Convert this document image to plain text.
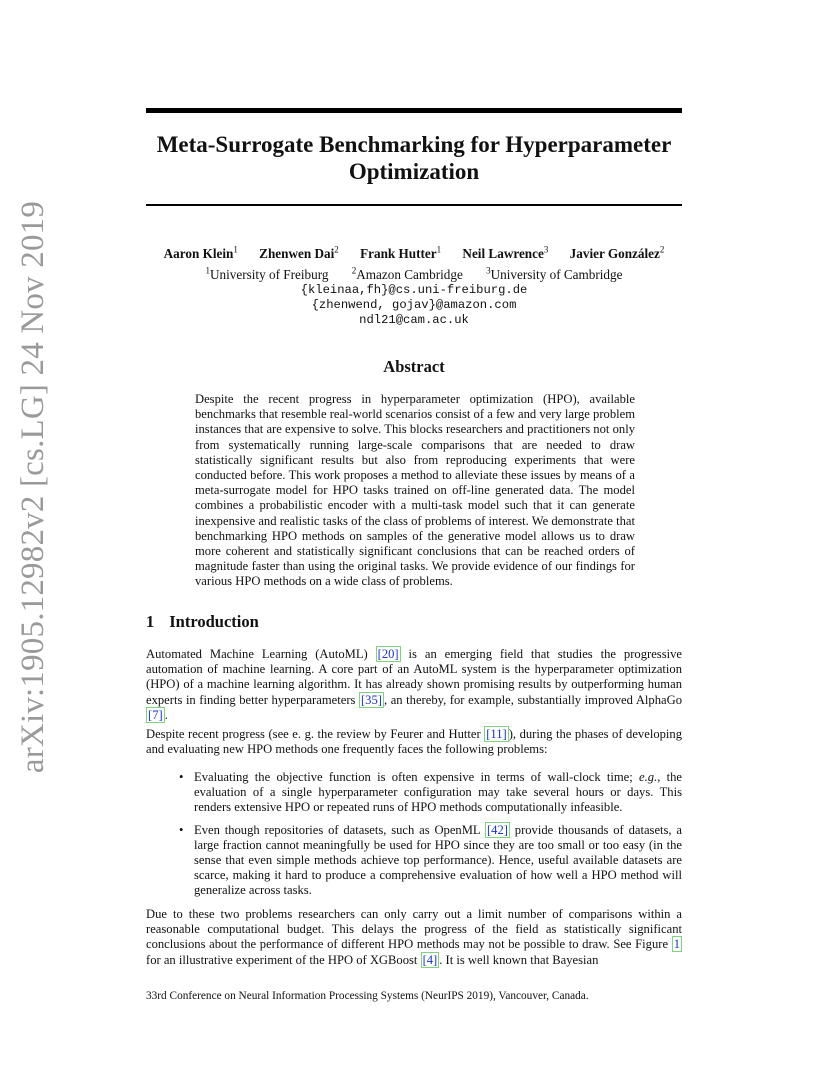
arXiv:1905.12982v2 [cs.LG] 24 Nov 2019
Meta-Surrogate Benchmarking for Hyperparameter
Optimization
Aaron Klein$^1$ Zhenwen Dai$^2$ Frank Hutter$^1$ Neil Lawrence$^3$ Javier González$^2$
$^1$University of Freiburg	$^2$Amazon Cambridge	$^3$University of Cambridge
{kleinaa,fh}@cs.uni-freiburg.de
{zhenwend, gojav}@amazon.com
ndl21@cam.ac.uk
Abstract
Despite the recent progress in hyperparameter optimization (HPO), available benchmarks that resemble real-world scenarios consist of a few and very large problem instances that are expensive to solve. This blocks researchers and practitioners not only from systematically running large-scale comparisons that are needed to draw statistically significant results but also from reproducing experiments that were conducted before. This work proposes a method to alleviate these issues by means of a meta-surrogate model for HPO tasks trained on off-line generated data. The model combines a probabilistic encoder with a multi-task model such that it can generate inexpensive and realistic tasks of the class of problems of interest. We demonstrate that benchmarking HPO methods on samples of the generative model allows us to draw more coherent and statistically significant conclusions that can be reached orders of magnitude faster than using the original tasks. We provide evidence of our findings for various HPO methods on a wide class of problems.
1 Introduction
Automated Machine Learning (AutoML) [20] is an emerging field that studies the progressive automation of machine learning. A core part of an AutoML system is the hyperparameter optimization (HPO) of a machine learning algorithm. It has already shown promising results by outperforming human experts in finding better hyperparameters [35] , an thereby, for example, substantially improved AlphaGo [7] .
Despite recent progress (see e. g. the review by Feurer and Hutter [11] ), during the phases of developing and evaluating new HPO methods one frequently faces the following problems:
• Evaluating the objective function is often expensive in terms of wall-clock time; e.g., the evaluation of a single hyperparameter configuration may take several hours or days. This renders extensive HPO or repeated runs of HPO methods computationally infeasible.
• Even though repositories of datasets, such as OpenML [42] provide thousands of datasets, a large fraction cannot meaningfully be used for HPO since they are too small or too easy (in the sense that even simple methods achieve top performance). Hence, useful available datasets are scarce, making it hard to produce a comprehensive evaluation of how well a HPO method will generalize across tasks.
Due to these two problems researchers can only carry out a limit number of comparisons within a reasonable computational budget. This delays the progress of the field as statistically significant conclusions about the performance of different HPO methods may not be possible to draw. See Figure 1 for an illustrative experiment of the HPO of XGBoost [4] . It is well known that Bayesian
33rd Conference on Neural Information Processing Systems (NeurIPS 2019), Vancouver, Canada.
